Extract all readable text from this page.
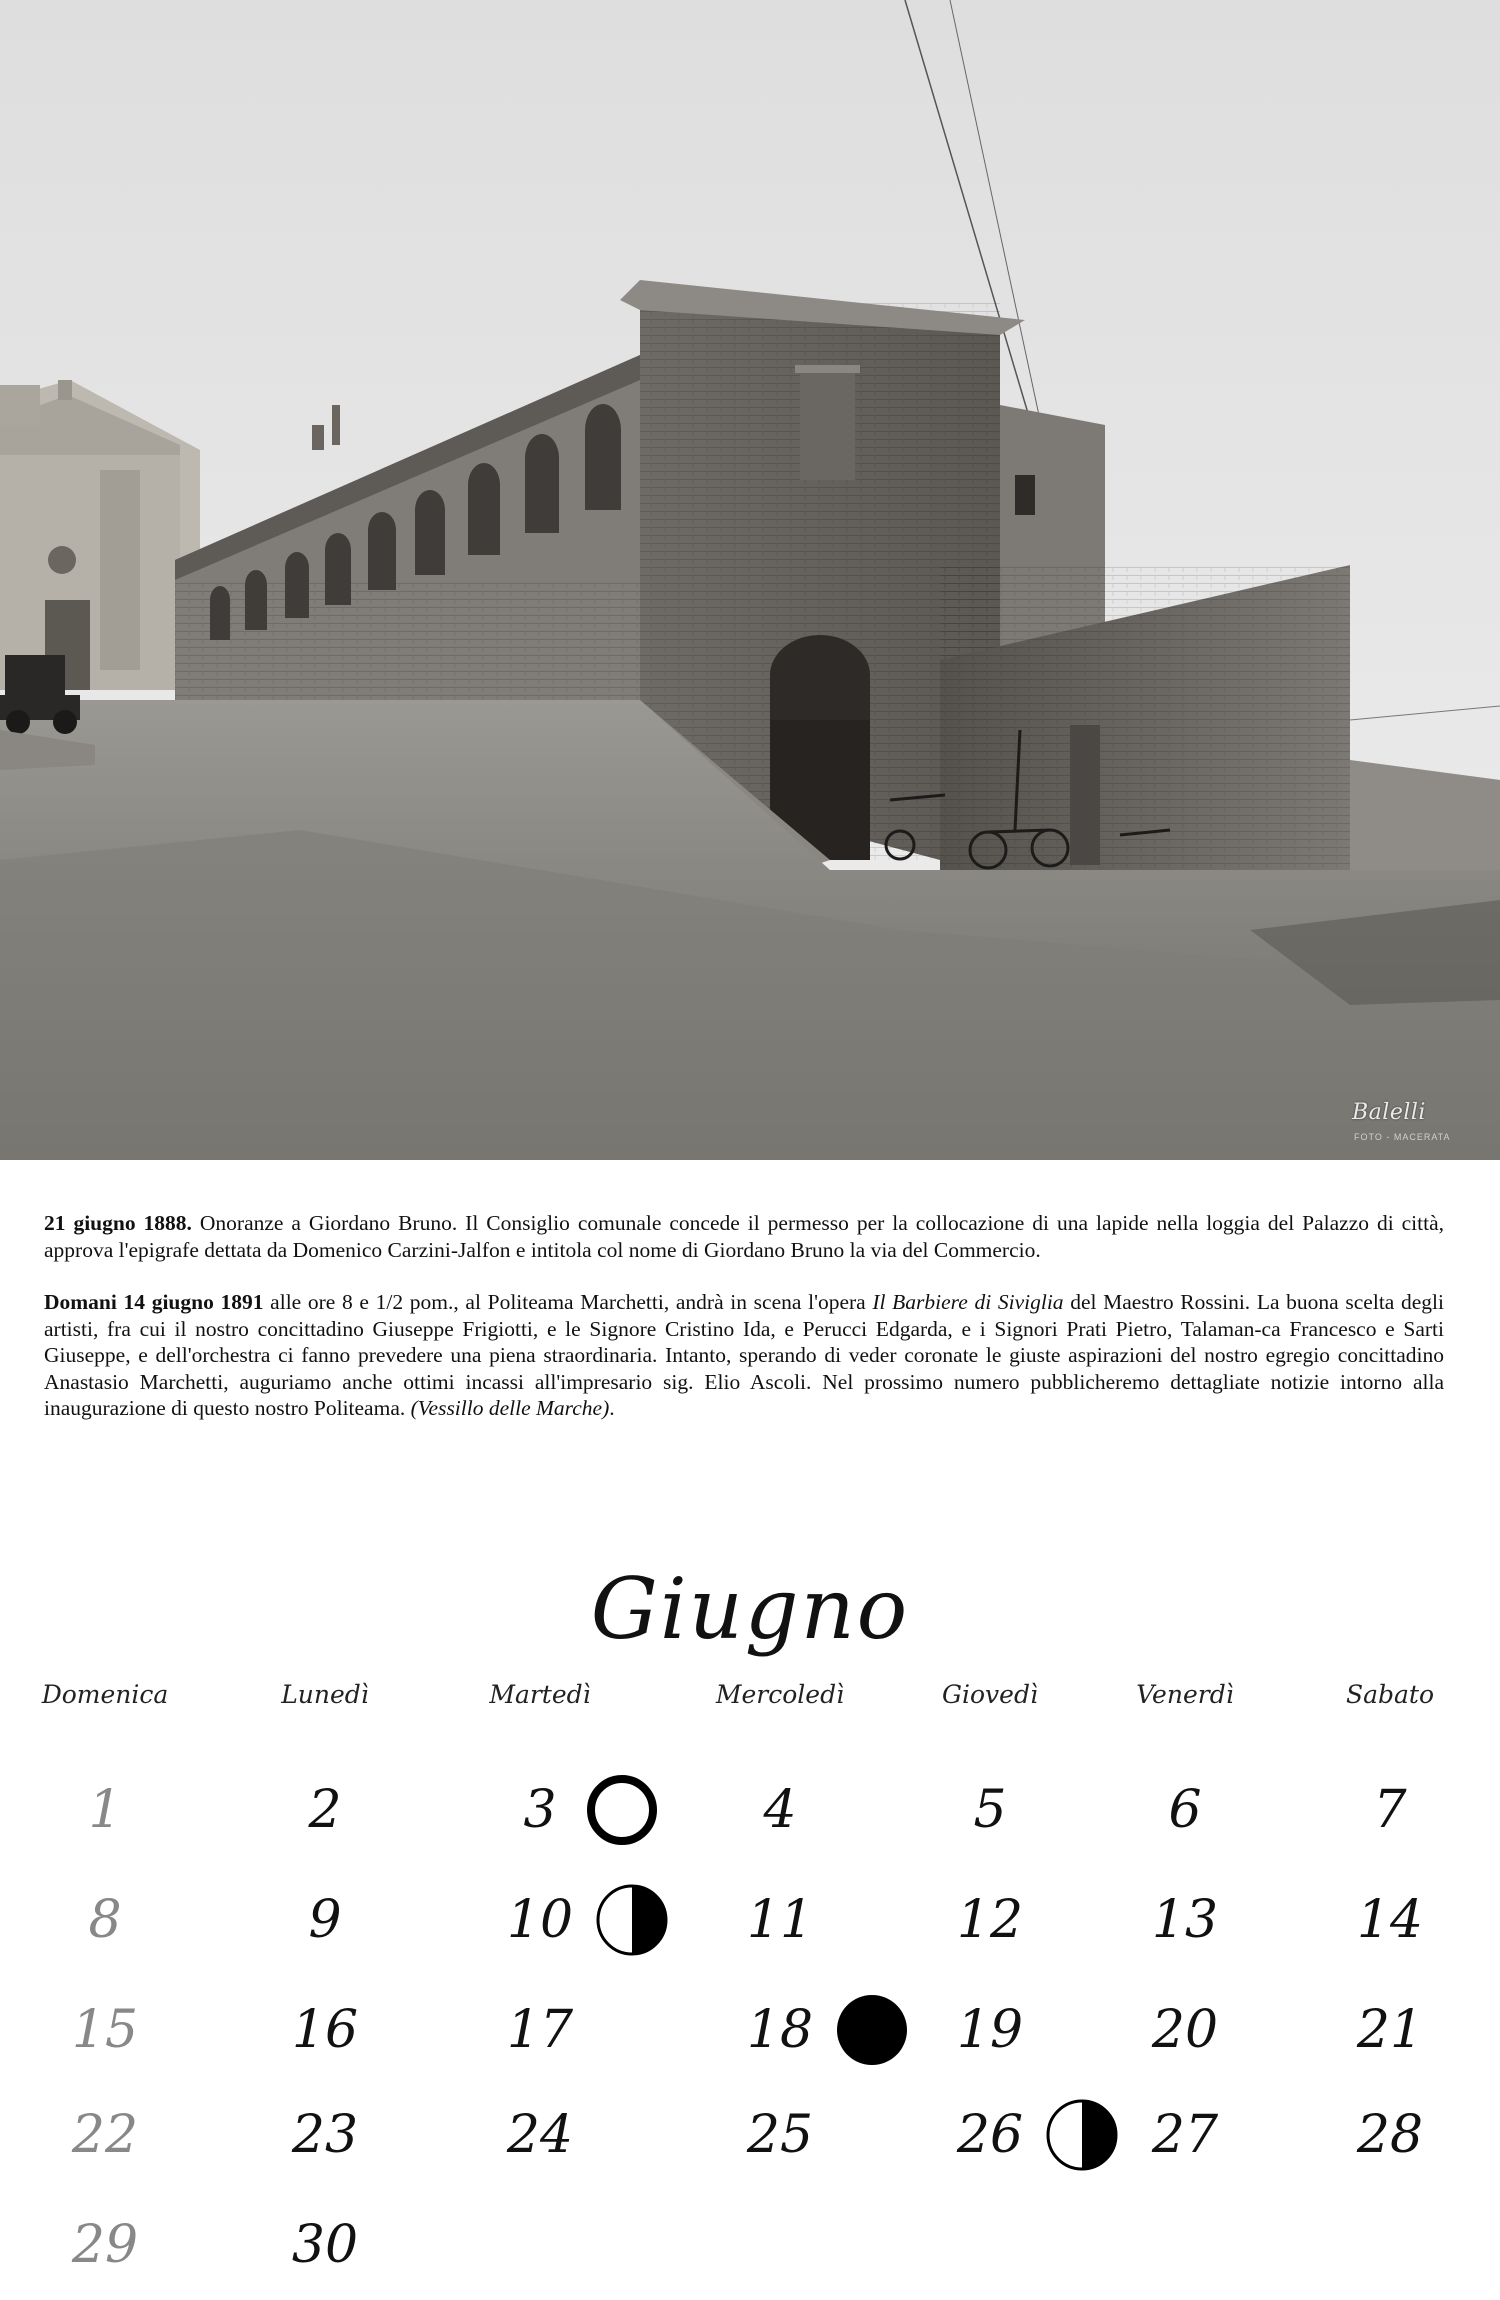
Balelli
FOTO - MACERATA

21 giugno 1888. Onoranze a Giordano Bruno. Il Consiglio comunale concede il permesso per la collocazione di una lapide nella loggia del Palazzo di città, approva l'epigrafe dettata da Domenico Carzini-Jalfon e intitola col nome di Giordano Bruno la via del Commercio.

Domani 14 giugno 1891 alle ore 8 e 1/2 pom., al Politeama Marchetti, andrà in scena l'opera Il Barbiere di Siviglia del Maestro Rossini. La buona scelta degli artisti, fra cui il nostro concittadino Giuseppe Frigiotti, e le Signore Cristino Ida, e Perucci Edgarda, e i Signori Prati Pietro, Talaman-ca Francesco e Sarti Giuseppe, e dell'orchestra ci fanno prevedere una piena straordinaria. Intanto, sperando di veder coronate le giuste aspirazioni del nostro egregio concittadino Anastasio Marchetti, auguriamo anche ottimi incassi all'impresario sig. Elio Ascoli. Nel prossimo numero pubblicheremo dettagliate notizie intorno alla inaugurazione di questo nostro Politeama. (Vessillo delle Marche).

Giugno
Domenica	Lunedì	Martedì	Mercoledì	Giovedì	Venerdì	Sabato
1	2	3	4	5	6	7
8	9	10	11	12	13	14
15	16	17	18	19	20	21
22	23	24	25	26	27	28
29	30
